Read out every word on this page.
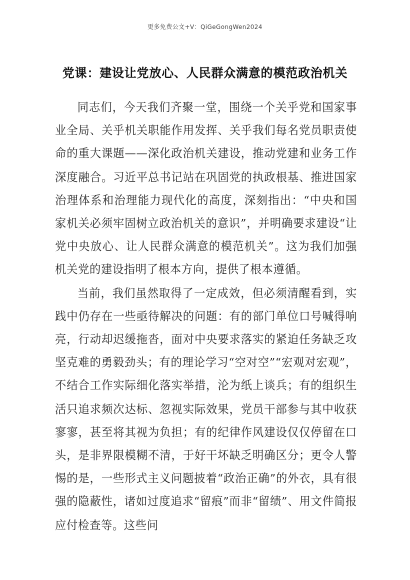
更多免费公文+V：QiGeGongWen2024
党课：建设让党放心、人民群众满意的模范政治机关

同志们，今天我们齐聚一堂，围绕一个关乎党和国家事业全局、关乎机关职能作用发挥、关乎我们每名党员职责使命的重大课题——深化政治机关建设，推动党建和业务工作深度融合。习近平总书记站在巩固党的执政根基、推进国家治理体系和治理能力现代化的高度，深刻指出：“中央和国家机关必须牢固树立政治机关的意识”，并明确要求建设“让党中央放心、让人民群众满意的模范机关”。这为我们加强机关党的建设指明了根本方向，提供了根本遵循。

当前，我们虽然取得了一定成效，但必须清醒看到，实践中仍存在一些亟待解决的问题：有的部门单位口号喊得响亮，行动却迟缓拖沓，面对中央要求落实的紧迫任务缺乏攻坚克难的勇毅劲头；有的理论学习“空对空”“宏观对宏观”，不结合工作实际细化落实举措，沦为纸上谈兵；有的组织生活只追求频次达标、忽视实际效果，党员干部参与其中收获寥寥，甚至将其视为负担；有的纪律作风建设仅仅停留在口头，是非界限模糊不清，于好干坏缺乏明确区分；更令人警惕的是，一些形式主义问题披着“政治正确”的外衣，具有很强的隐蔽性，诸如过度追求“留痕”而非“留绩”、用文件简报应付检查等。这些问
